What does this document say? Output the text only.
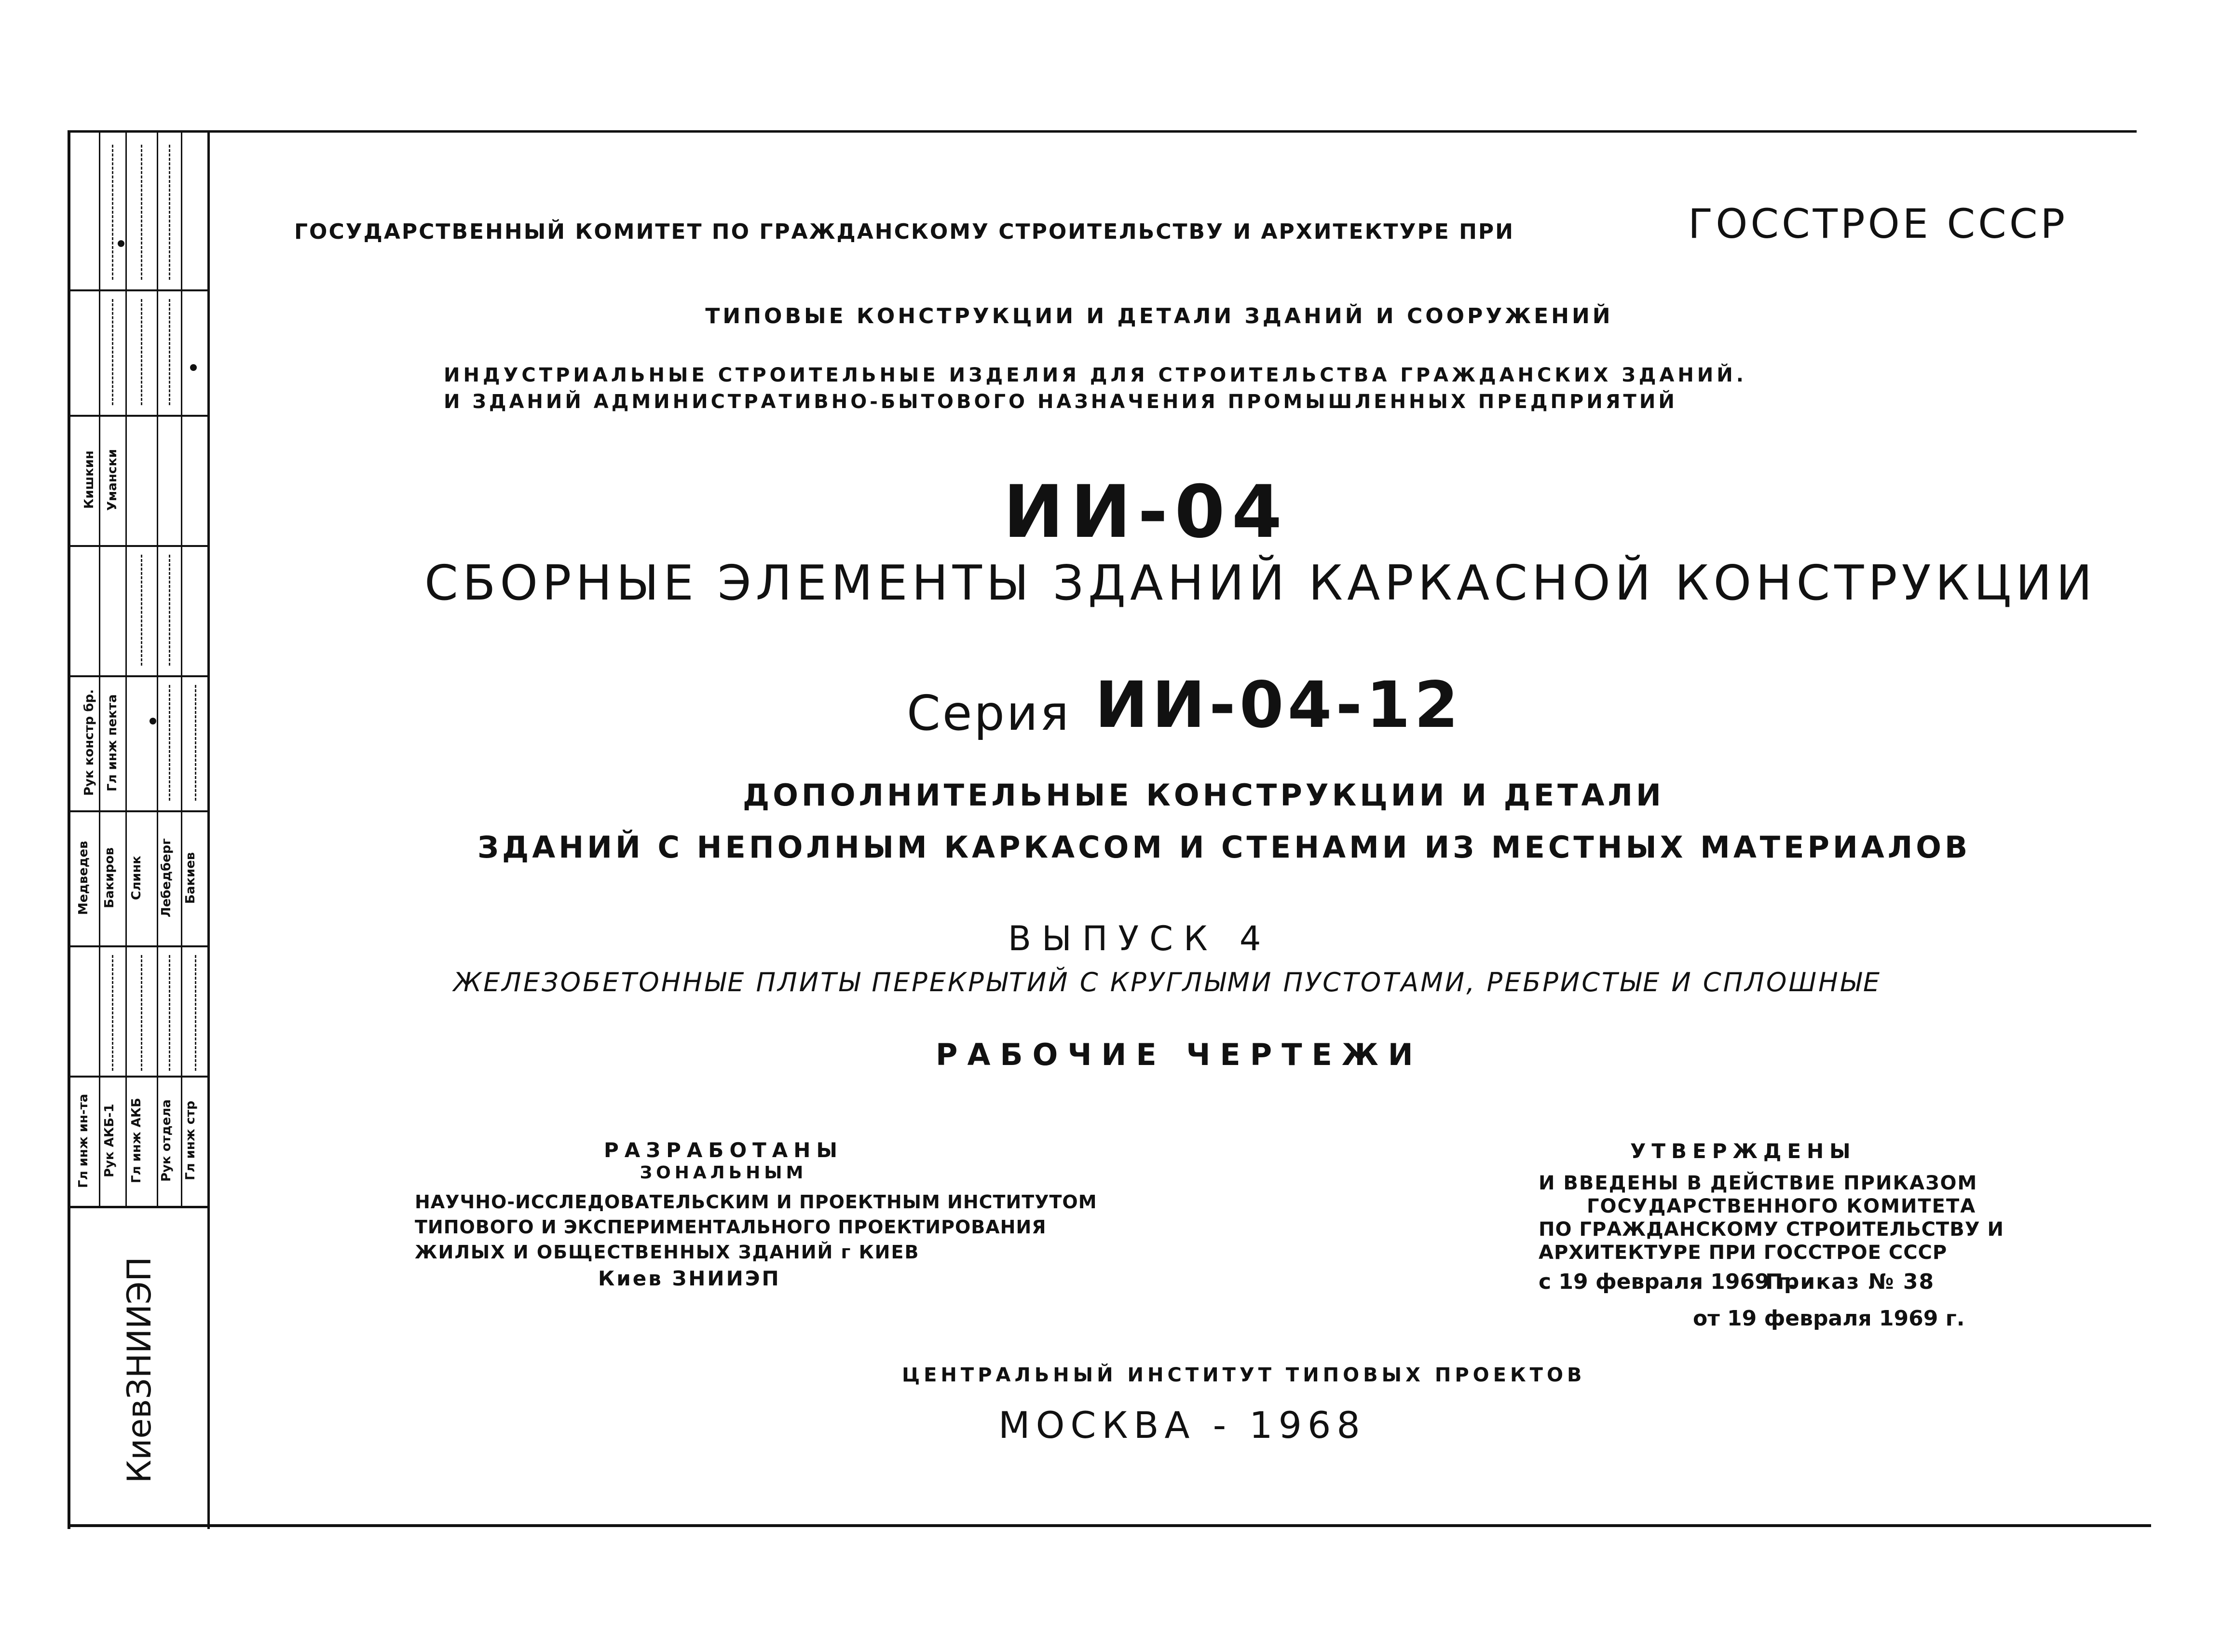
Кишкин Умански
Рук констр бр. Гл инж пекта
Медведев Бакиров Слинк Лебедберг Бакиев
Гл инж ин-та Рук АКБ-1 Гл инж АКБ Рук отдела Гл инж стр
КиевЗНИИЭП
ГОСУДАРСТВЕННЫЙ КОМИТЕТ ПО ГРАЖДАНСКОМУ СТРОИТЕЛЬСТВУ И АРХИТЕКТУРЕ ПРИ	ГОССТРОЕ СССР
ТИПОВЫЕ КОНСТРУКЦИИ И ДЕТАЛИ ЗДАНИЙ И СООРУЖЕНИЙ
ИНДУСТРИАЛЬНЫЕ СТРОИТЕЛЬНЫЕ ИЗДЕЛИЯ ДЛЯ СТРОИТЕЛЬСТВА ГРАЖДАНСКИХ ЗДАНИЙ.
И ЗДАНИЙ АДМИНИСТРАТИВНО-БЫТОВОГО НАЗНАЧЕНИЯ ПРОМЫШЛЕННЫХ ПРЕДПРИЯТИЙ
ИИ-04
СБОРНЫЕ ЭЛЕМЕНТЫ ЗДАНИЙ КАРКАСНОЙ КОНСТРУКЦИИ
Серия ИИ-04-12
ДОПОЛНИТЕЛЬНЫЕ КОНСТРУКЦИИ И ДЕТАЛИ
ЗДАНИЙ С НЕПОЛНЫМ КАРКАСОМ И СТЕНАМИ ИЗ МЕСТНЫХ МАТЕРИАЛОВ
ВЫПУСК 4
ЖЕЛЕЗОБЕТОННЫЕ ПЛИТЫ ПЕРЕКРЫТИЙ С КРУГЛЫМИ ПУСТОТАМИ, РЕБРИСТЫЕ И СПЛОШНЫЕ
РАБОЧИЕ ЧЕРТЕЖИ
РАЗРАБОТАНЫ
ЗОНАЛЬНЫМ
НАУЧНО-ИССЛЕДОВАТЕЛЬСКИМ И ПРОЕКТНЫМ ИНСТИТУТОМ
ТИПОВОГО И ЭКСПЕРИМЕНТАЛЬНОГО ПРОЕКТИРОВАНИЯ
ЖИЛЫХ И ОБЩЕСТВЕННЫХ ЗДАНИЙ г КИЕВ
Киев ЗНИИЭП
УТВЕРЖДЕНЫ
И ВВЕДЕНЫ В ДЕЙСТВИЕ ПРИКАЗОМ
ГОСУДАРСТВЕННОГО КОМИТЕТА
ПО ГРАЖДАНСКОМУ СТРОИТЕЛЬСТВУ И
АРХИТЕКТУРЕ ПРИ ГОССТРОЕ СССР
с 19 февраля 1969 г.
Приказ № 38
от 19 февраля 1969 г.
ЦЕНТРАЛЬНЫЙ ИНСТИТУТ ТИПОВЫХ ПРОЕКТОВ
МОСКВА - 1968
